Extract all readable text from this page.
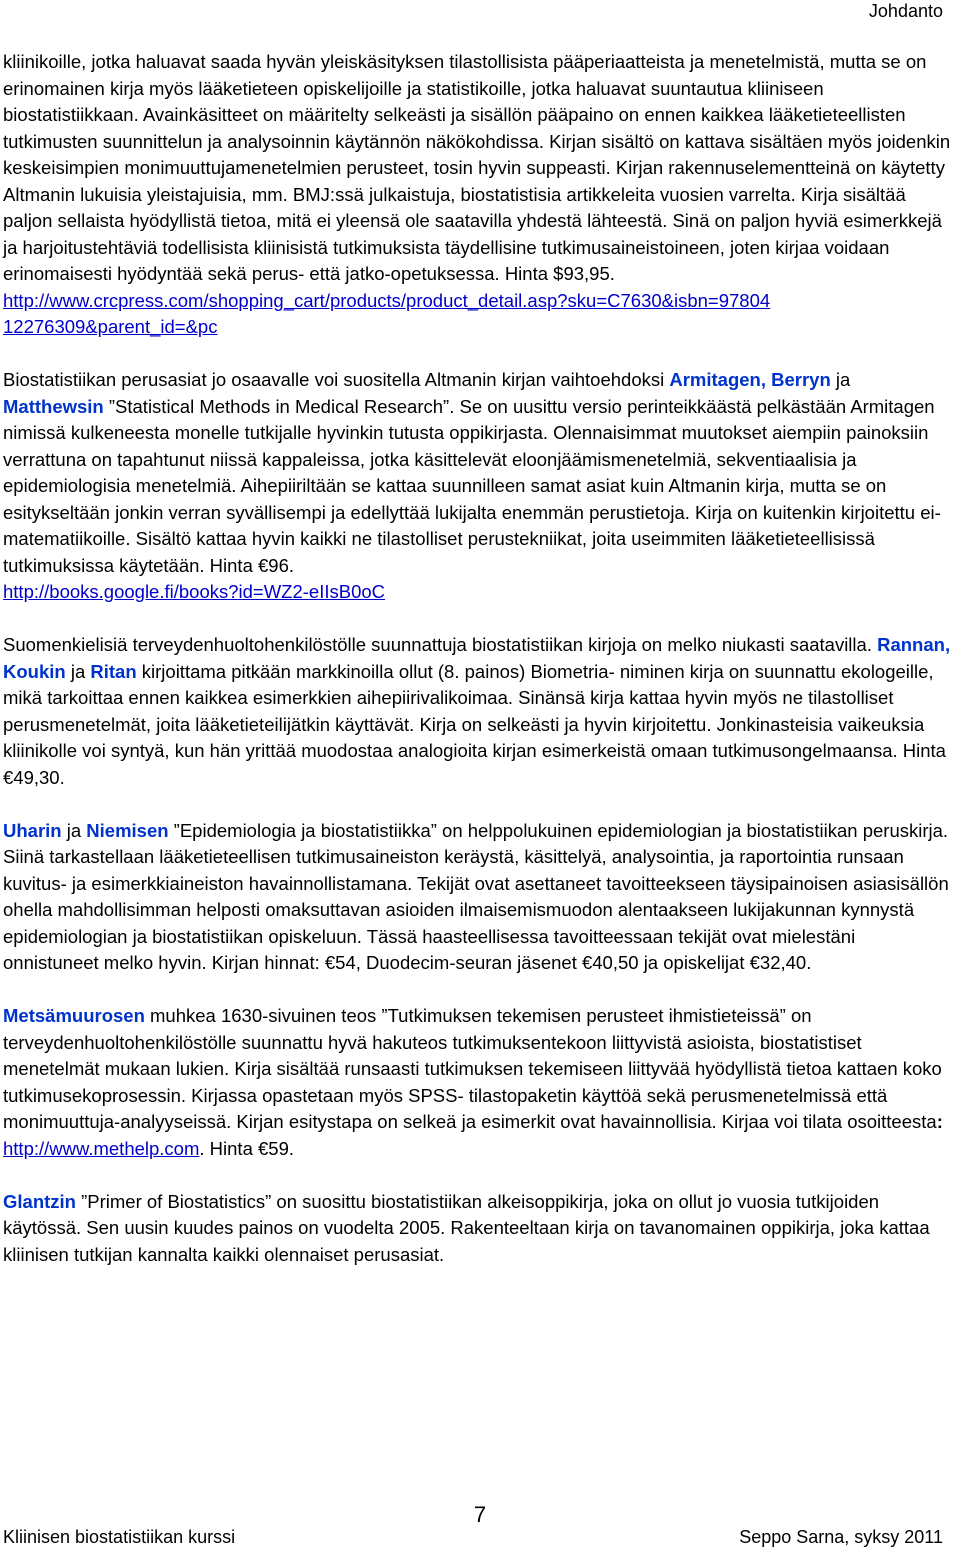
Johdanto

kliinikoille, jotka haluavat saada hyvän yleiskäsityksen tilastollisista pääperiaatteista ja menetelmistä, mutta se on erinomainen kirja myös lääketieteen opiskelijoille ja statistikoille, jotka haluavat suuntautua kliiniseen biostatistiikkaan. Avainkäsitteet on määritelty selkeästi ja sisällön pääpaino on ennen kaikkea lääketieteellisten tutkimusten suunnittelun ja analysoinnin käytännön näkökohdissa. Kirjan sisältö on kattava sisältäen myös joidenkin keskeisimpien monimuuttujamenetelmien perusteet, tosin hyvin suppeasti. Kirjan rakennuselementteinä on käytetty Altmanin lukuisia yleistajuisia, mm. BMJ:ssä julkaistuja, biostatistisia artikkeleita vuosien varrelta. Kirja sisältää paljon sellaista hyödyllistä tietoa, mitä ei yleensä ole saatavilla yhdestä lähteestä. Sinä on paljon hyviä esimerkkejä ja harjoitustehtäviä todellisista kliinisistä tutkimuksista täydellisine tutkimusaineistoineen, joten kirjaa voidaan erinomaisesti hyödyntää sekä perus- että jatko-opetuksessa. Hinta $93,95.
http://www.crcpress.com/shopping_cart/products/product_detail.asp?sku=C7630&isbn=97804
12276309&parent_id=&pc

Biostatistiikan perusasiat jo osaavalle voi suositella Altmanin kirjan vaihtoehdoksi Armitagen, Berryn ja Matthewsin ”Statistical Methods in Medical Research”. Se on uusittu versio perinteikkäästä pelkästään Armitagen nimissä kulkeneesta monelle tutkijalle hyvinkin tutusta oppikirjasta. Olennaisimmat muutokset aiempiin painoksiin verrattuna on tapahtunut niissä kappaleissa, jotka käsittelevät eloonjäämismenetelmiä, sekventiaalisia ja epidemiologisia menetelmiä. Aihepiiriltään se kattaa suunnilleen samat asiat kuin Altmanin kirja, mutta se on esitykseltään jonkin verran syvällisempi ja edellyttää lukijalta enemmän perustietoja. Kirja on kuitenkin kirjoitettu ei-matematiikoille. Sisältö kattaa hyvin kaikki ne tilastolliset perustekniikat, joita useimmiten lääketieteellisissä tutkimuksissa käytetään. Hinta €96.
http://books.google.fi/books?id=WZ2-eIIsB0oC

Suomenkielisiä terveydenhuoltohenkilöstölle suunnattuja biostatistiikan kirjoja on melko niukasti saatavilla. Rannan, Koukin ja Ritan kirjoittama pitkään markkinoilla ollut (8. painos) Biometria- niminen kirja on suunnattu ekologeille, mikä tarkoittaa ennen kaikkea esimerkkien aihepiirivalikoimaa. Sinänsä kirja kattaa hyvin myös ne tilastolliset perusmenetelmät, joita lääketieteilijätkin käyttävät. Kirja on selkeästi ja hyvin kirjoitettu. Jonkinasteisia vaikeuksia kliinikolle voi syntyä, kun hän yrittää muodostaa analogioita kirjan esimerkeistä omaan tutkimusongelmaansa. Hinta €49,30.

Uharin ja Niemisen ”Epidemiologia ja biostatistiikka” on helppolukuinen epidemiologian ja biostatistiikan peruskirja. Siinä tarkastellaan lääketieteellisen tutkimusaineiston keräystä, käsittelyä, analysointia, ja raportointia runsaan kuvitus- ja esimerkkiaineiston havainnollistamana. Tekijät ovat asettaneet tavoitteekseen täysipainoisen asiasisällön ohella mahdollisimman helposti omaksuttavan asioiden ilmaisemismuodon alentaakseen lukijakunnan kynnystä epidemiologian ja biostatistiikan opiskeluun. Tässä haasteellisessa tavoitteessaan tekijät ovat mielestäni onnistuneet melko hyvin. Kirjan hinnat: €54, Duodecim-seuran jäsenet €40,50 ja opiskelijat €32,40.

Metsämuurosen muhkea 1630-sivuinen teos ”Tutkimuksen tekemisen perusteet ihmistieteissä” on terveydenhuoltohenkilöstölle suunnattu hyvä hakuteos tutkimuksentekoon liittyvistä asioista, biostatistiset menetelmät mukaan lukien. Kirja sisältää runsaasti tutkimuksen tekemiseen liittyvää hyödyllistä tietoa kattaen koko tutkimusekoprosessin. Kirjassa opastetaan myös SPSS- tilastopaketin käyttöä sekä perusmenetelmissä että monimuuttuja-analyyseissä. Kirjan esitystapa on selkeä ja esimerkit ovat havainnollisia. Kirjaa voi tilata osoitteesta: http://www.methelp.com. Hinta €59.

Glantzin ”Primer of Biostatistics” on suosittu biostatistiikan alkeisoppikirja, joka on ollut jo vuosia tutkijoiden käytössä. Sen uusin kuudes painos on vuodelta 2005. Rakenteeltaan kirja on tavanomainen oppikirja, joka kattaa kliinisen tutkijan kannalta kaikki olennaiset perusasiat.

7
Kliinisen biostatistiikan kurssi	Seppo Sarna, syksy 2011
